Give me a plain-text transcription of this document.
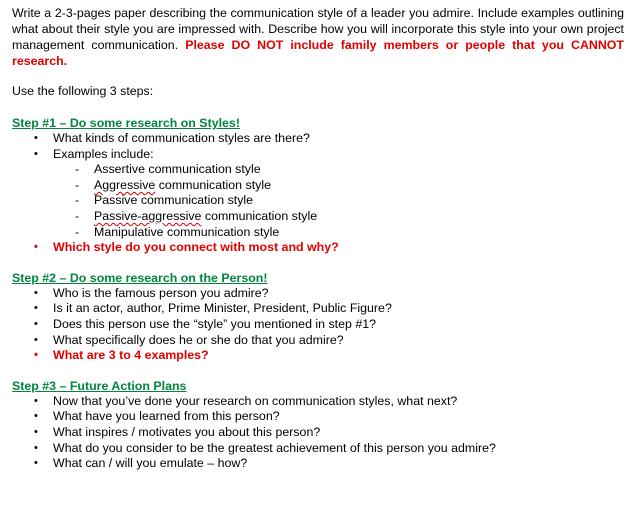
Write a 2-3-pages paper describing the communication style of a leader you admire. Include examples outlining what about their style you are impressed with. Describe how you will incorporate this style into your own project management communication. Please DO NOT include family members or people that you CANNOT research.

Use the following 3 steps:
Step #1 – Do some research on Styles!
• What kinds of communication styles are there?
• Examples include:
- Assertive communication style
- Aggressive communication style
- Passive communication style
- Passive-aggressive communication style
- Manipulative communication style
• Which style do you connect with most and why?
Step #2 – Do some research on the Person!
• Who is the famous person you admire?
• Is it an actor, author, Prime Minister, President, Public Figure?
• Does this person use the “style” you mentioned in step #1?
• What specifically does he or she do that you admire?
• What are 3 to 4 examples?
Step #3 – Future Action Plans
• Now that you’ve done your research on communication styles, what next?
• What have you learned from this person?
• What inspires / motivates you about this person?
• What do you consider to be the greatest achievement of this person you admire?
• What can / will you emulate – how?
